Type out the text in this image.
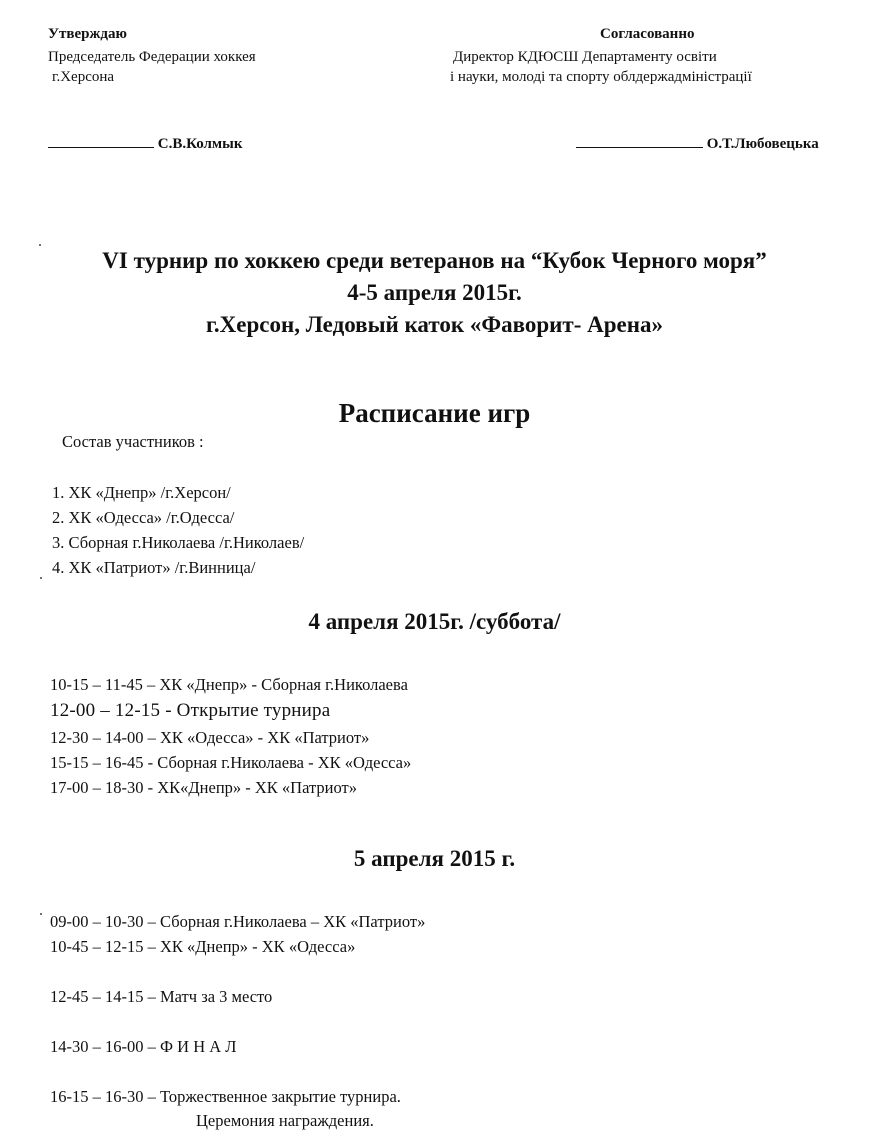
Утверждаю
Председатель Федерации хоккея
г.Херсона
С.В.Колмык
Согласованно
Директор КДЮСШ Департаменту освіти
і науки, молоді та спорту облдержадміністрації
О.Т.Любовецька
VI турнир по хоккею среди ветеранов на “Кубок Черного моря”
4-5 апреля 2015г.
г.Херсон, Ледовый каток «Фаворит- Арена»
Расписание игр
Состав участников :
1. ХК «Днепр» /г.Херсон/
2. ХК «Одесса» /г.Одесса/
3. Сборная г.Николаева /г.Николаев/
4. ХК «Патриот» /г.Винница/
4 апреля 2015г. /суббота/
10-15 – 11-45 – ХК «Днепр» - Сборная г.Николаева
12-00 – 12-15 - Открытие турнира
12-30 – 14-00 – ХК «Одесса» - ХК «Патриот»
15-15 – 16-45 - Сборная г.Николаева - ХК «Одесса»
17-00 – 18-30 - ХК«Днепр» - ХК «Патриот»
5 апреля 2015 г.
09-00 – 10-30 – Сборная г.Николаева – ХК «Патриот»
10-45 – 12-15 – ХК «Днепр» - ХК «Одесса»
12-45 – 14-15 – Матч за 3 место
14-30 – 16-00 – Ф И Н А Л
16-15 – 16-30 – Торжественное закрытие турнира.
Церемония награждения.
